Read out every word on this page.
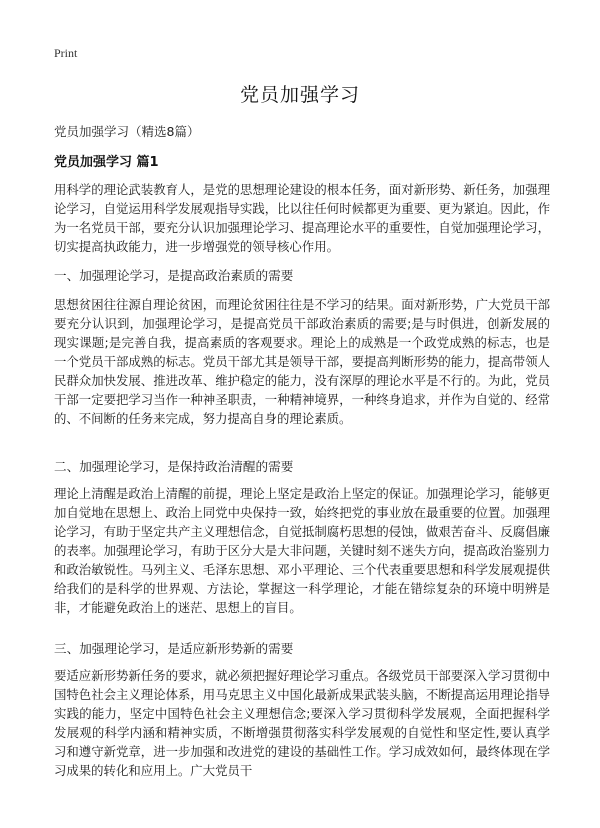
Print
党员加强学习
党员加强学习（精选8篇）
党员加强学习 篇1

用科学的理论武装教育人，是党的思想理论建设的根本任务，面对新形势、新任务，加强理论学习，自觉运用科学发展观指导实践，比以往任何时候都更为重要、更为紧迫。因此，作为一名党员干部，要充分认识加强理论学习、提高理论水平的重要性，自觉加强理论学习，切实提高执政能力，进一步增强党的领导核心作用。

一、加强理论学习，是提高政治素质的需要

思想贫困往往源自理论贫困，而理论贫困往往是不学习的结果。面对新形势，广大党员干部要充分认识到，加强理论学习，是提高党员干部政治素质的需要;是与时俱进，创新发展的现实课题;是完善自我，提高素质的客观要求。理论上的成熟是一个政党成熟的标志，也是一个党员干部成熟的标志。党员干部尤其是领导干部，要提高判断形势的能力，提高带领人民群众加快发展、推进改革、维护稳定的能力，没有深厚的理论水平是不行的。为此，党员干部一定要把学习当作一种神圣职责，一种精神境界，一种终身追求，并作为自觉的、经常的、不间断的任务来完成，努力提高自身的理论素质。

二、加强理论学习，是保持政治清醒的需要

理论上清醒是政治上清醒的前提，理论上坚定是政治上坚定的保证。加强理论学习，能够更加自觉地在思想上、政治上同党中央保持一致，始终把党的事业放在最重要的位置。加强理论学习，有助于坚定共产主义理想信念，自觉抵制腐朽思想的侵蚀，做艰苦奋斗、反腐倡廉的表率。加强理论学习，有助于区分大是大非问题，关键时刻不迷失方向，提高政治鉴别力和政治敏锐性。马列主义、毛泽东思想、邓小平理论、三个代表重要思想和科学发展观提供给我们的是科学的世界观、方法论，掌握这一科学理论，才能在错综复杂的环境中明辨是非，才能避免政治上的迷茫、思想上的盲目。

三、加强理论学习，是适应新形势新的需要

要适应新形势新任务的要求，就必须把握好理论学习重点。各级党员干部要深入学习贯彻中国特色社会主义理论体系，用马克思主义中国化最新成果武装头脑，不断提高运用理论指导实践的能力，坚定中国特色社会主义理想信念;要深入学习贯彻科学发展观，全面把握科学发展观的科学内涵和精神实质，不断增强贯彻落实科学发展观的自觉性和坚定性,要认真学习和遵守新党章，进一步加强和改进党的建设的基础性工作。学习成效如何，最终体现在学习成果的转化和应用上。广大党员干
